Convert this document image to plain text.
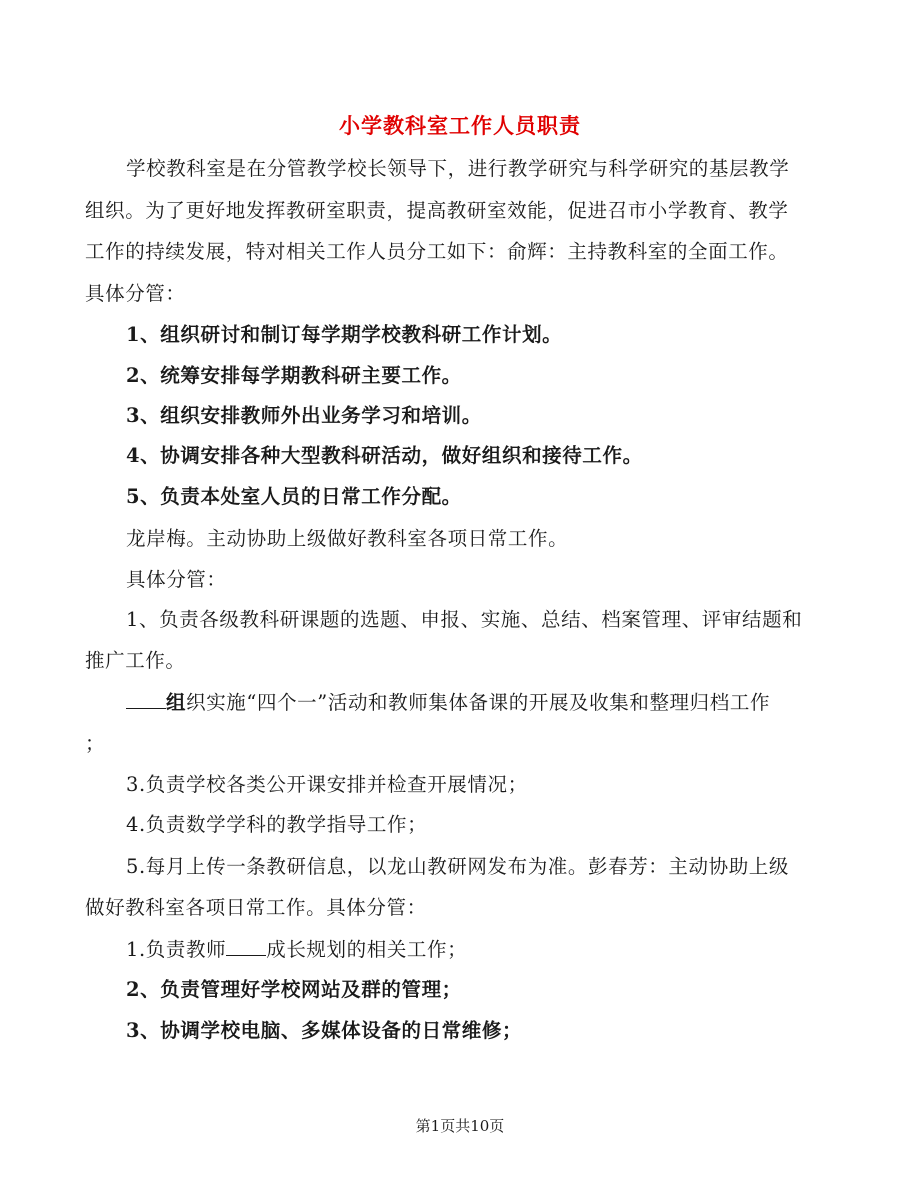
小学教科室工作人员职责
学校教科室是在分管教学校长领导下，进行教学研究与科学研究的基层教学
组织。为了更好地发挥教研室职责，提高教研室效能，促进召市小学教育、教学
工作的持续发展，特对相关工作人员分工如下：俞辉：主持教科室的全面工作。
具体分管：
1、组织研讨和制订每学期学校教科研工作计划。
2、统筹安排每学期教科研主要工作。
3、组织安排教师外出业务学习和培训。
4、协调安排各种大型教科研活动，做好组织和接待工作。
5、负责本处室人员的日常工作分配。
龙岸梅。主动协助上级做好教科室各项日常工作。
具体分管：
1、负责各级教科研课题的选题、申报、实施、总结、档案管理、评审结题和
推广工作。
组织实施“四个一”活动和教师集体备课的开展及收集和整理归档工作
；
3.负责学校各类公开课安排并检查开展情况；
4.负责数学学科的教学指导工作；
5.每月上传一条教研信息，以龙山教研网发布为准。彭春芳：主动协助上级
做好教科室各项日常工作。具体分管：
1.负责教师 成长规划的相关工作；
2、负责管理好学校网站及群的管理；
3、协调学校电脑、多媒体设备的日常维修；
第1页共10页
